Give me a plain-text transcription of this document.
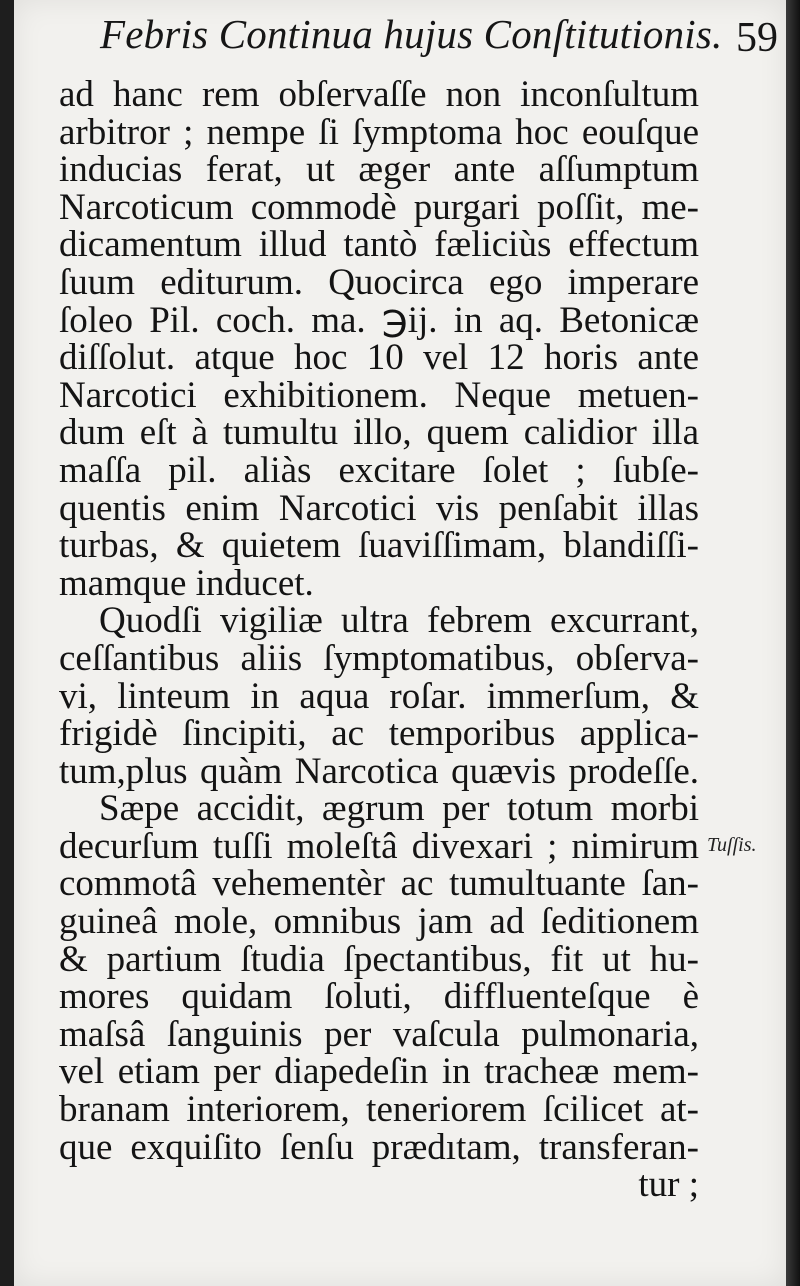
Febris Continua hujus Conſtitutionis. 59
ad hanc rem obſervaſſe non inconſultum
arbitror ; nempe ſi ſymptoma hoc eouſque
inducias ferat, ut æger ante aſſumptum
Narcoticum commodè purgari poſſit, me-
dicamentum illud tantò fæliciùs effectum
ſuum editurum. Quocirca ego imperare
ſoleo Pil. coch. ma. ℈ij. in aq. Betonicæ
diſſolut. atque hoc 10 vel 12 horis ante
Narcotici exhibitionem. Neque metuen-
dum eſt à tumultu illo, quem calidior illa
maſſa pil. aliàs excitare ſolet ; ſubſe-
quentis enim Narcotici vis penſabit illas
turbas, & quietem ſuaviſſimam, blandiſſi-
mamque inducet.
Quodſi vigiliæ ultra febrem excurrant,
ceſſantibus aliis ſymptomatibus, obſerva-
vi, linteum in aqua roſar. immerſum, &
frigidè ſincipiti, ac temporibus applica-
tum,plus quàm Narcotica quævis prodeſſe.
Sæpe accidit, ægrum per totum morbi
decurſum tuſſi moleſtâ divexari ; nimirum
commotâ vehementèr ac tumultuante ſan-
guineâ mole, omnibus jam ad ſeditionem
& partium ſtudia ſpectantibus, fit ut hu-
mores quidam ſoluti, diffluenteſque è
maſsâ ſanguinis per vaſcula pulmonaria,
vel etiam per diapedeſin in tracheæ mem-
branam interiorem, teneriorem ſcilicet at-
que exquiſito ſenſu prædıtam, transferan-
tur ;
Tuſſis.
